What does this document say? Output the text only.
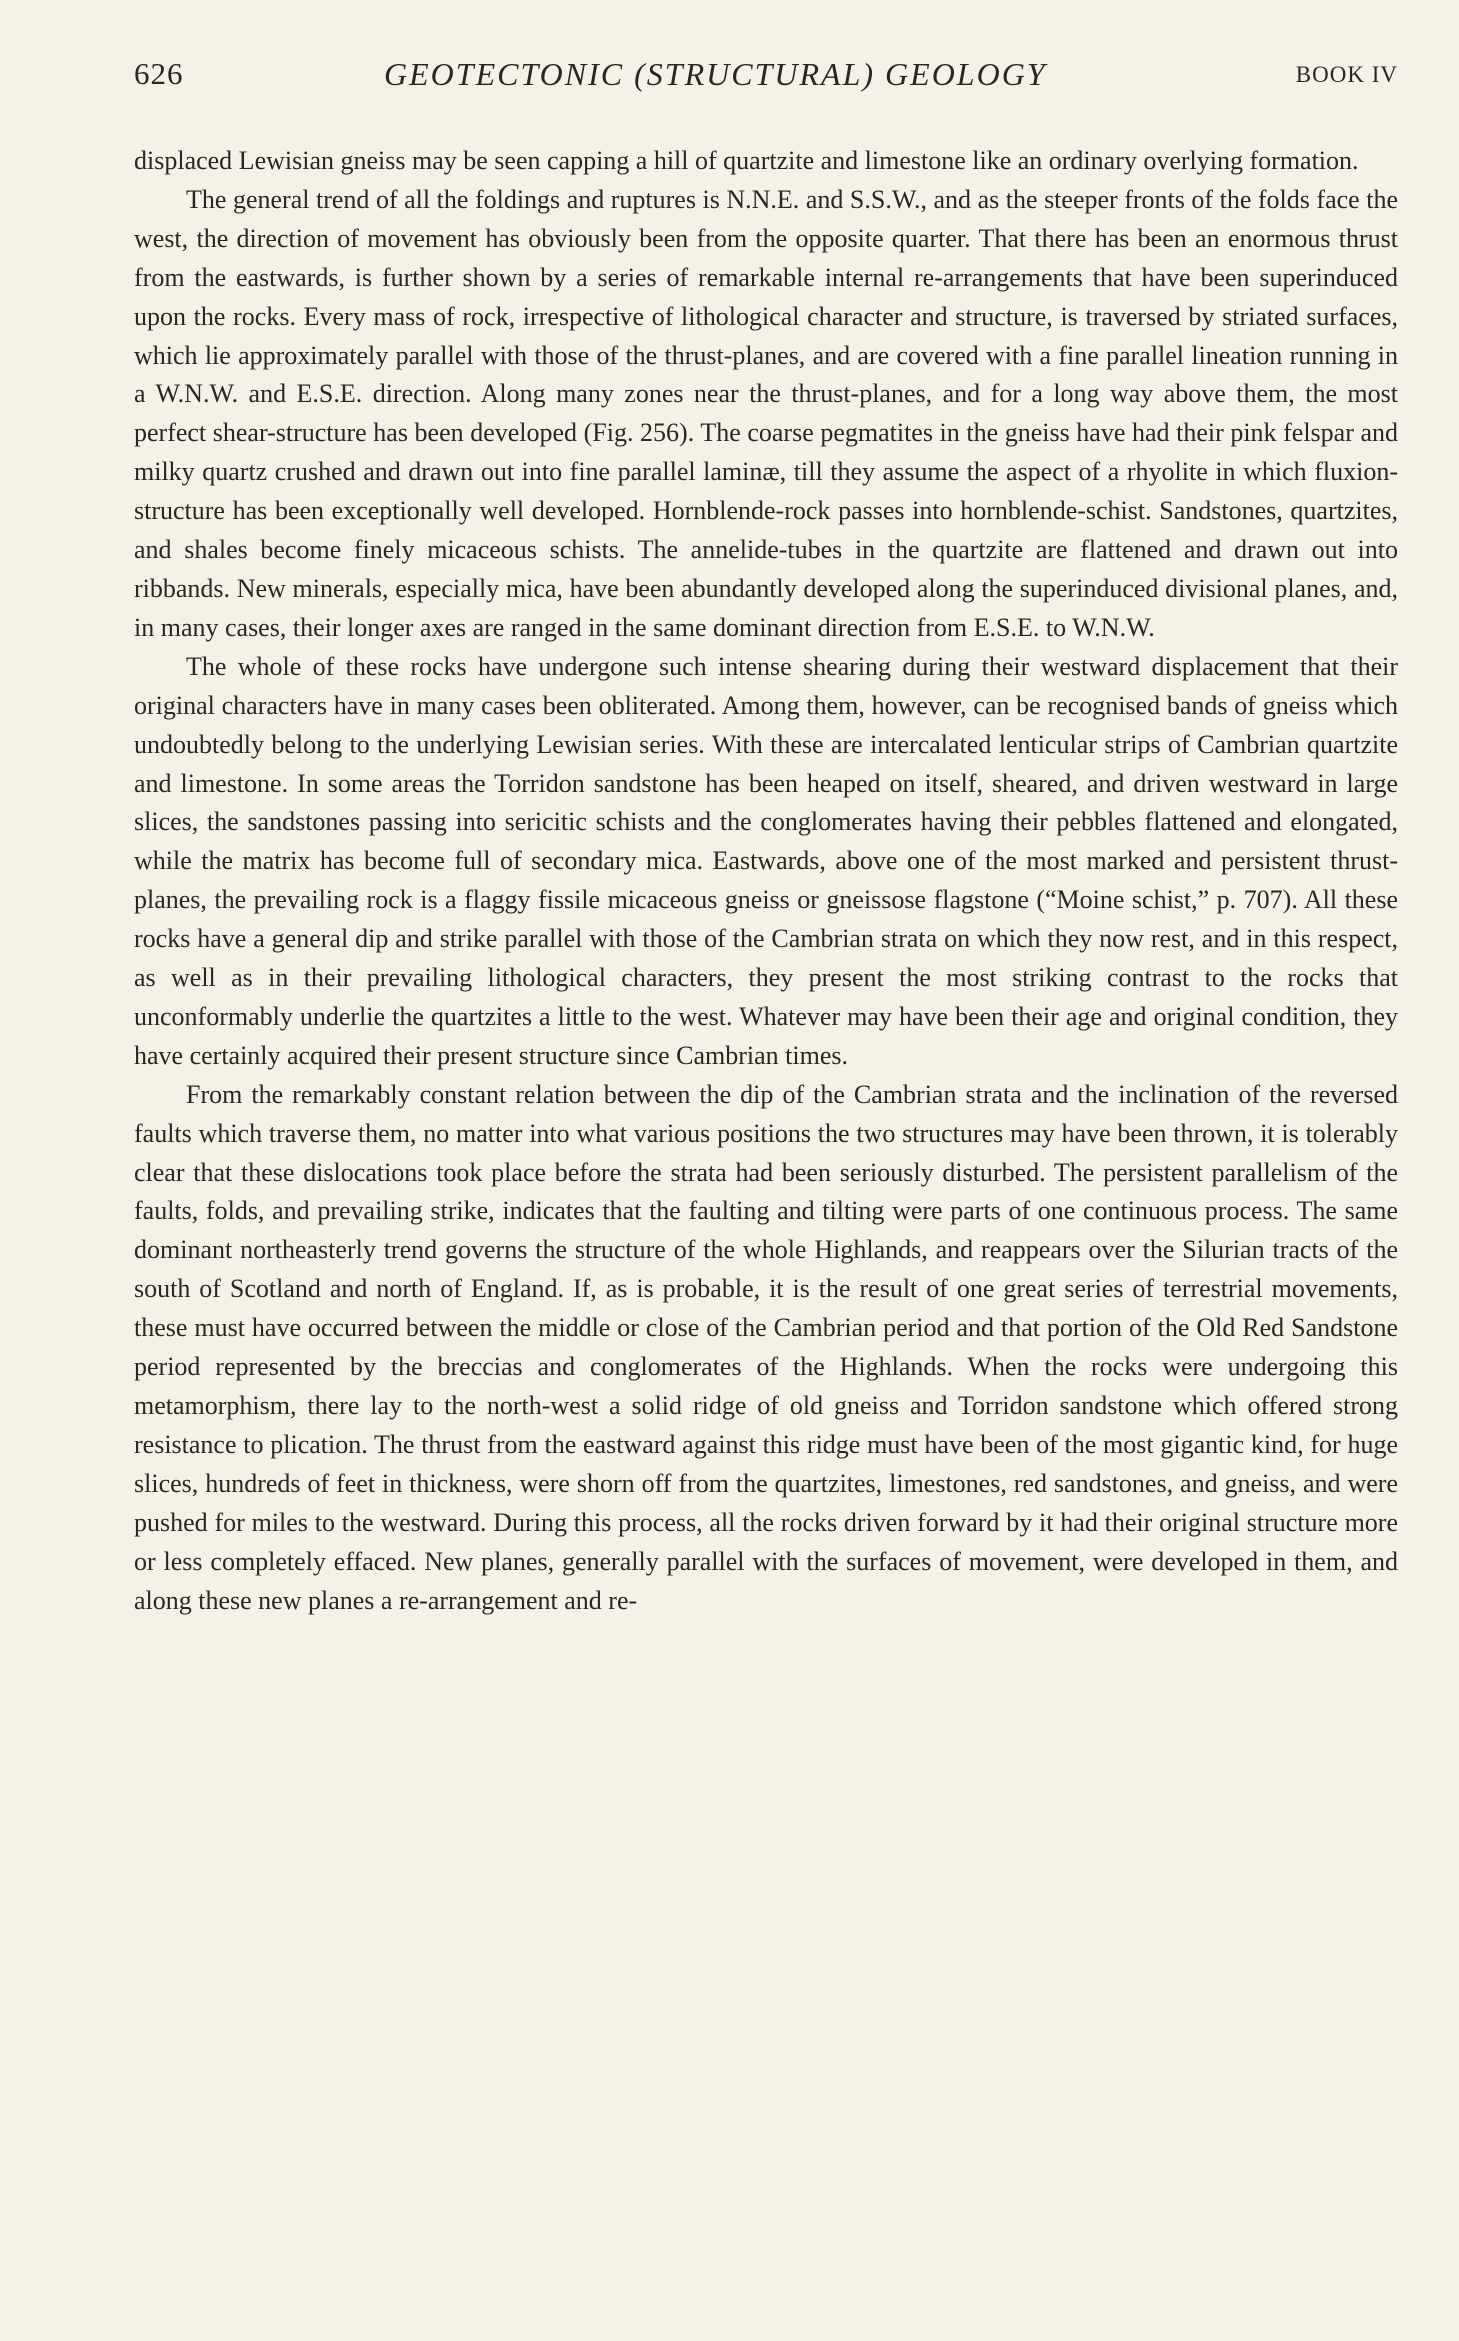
626	GEOTECTONIC (STRUCTURAL) GEOLOGY	BOOK IV

displaced Lewisian gneiss may be seen capping a hill of quartzite and limestone like an ordinary overlying formation.

The general trend of all the foldings and ruptures is N.N.E. and S.S.W., and as the steeper fronts of the folds face the west, the direction of movement has obviously been from the opposite quarter. That there has been an enormous thrust from the eastwards, is further shown by a series of remarkable internal re-arrangements that have been superinduced upon the rocks. Every mass of rock, irrespective of lithological character and structure, is traversed by striated surfaces, which lie approximately parallel with those of the thrust-planes, and are covered with a fine parallel lineation running in a W.N.W. and E.S.E. direction. Along many zones near the thrust-planes, and for a long way above them, the most perfect shear-structure has been developed (Fig. 256). The coarse pegmatites in the gneiss have had their pink felspar and milky quartz crushed and drawn out into fine parallel laminæ, till they assume the aspect of a rhyolite in which fluxion-structure has been exceptionally well developed. Hornblende-rock passes into hornblende-schist. Sandstones, quartzites, and shales become finely micaceous schists. The annelide-tubes in the quartzite are flattened and drawn out into ribbands. New minerals, especially mica, have been abundantly developed along the superinduced divisional planes, and, in many cases, their longer axes are ranged in the same dominant direction from E.S.E. to W.N.W.

The whole of these rocks have undergone such intense shearing during their westward displacement that their original characters have in many cases been obliterated. Among them, however, can be recognised bands of gneiss which undoubtedly belong to the underlying Lewisian series. With these are intercalated lenticular strips of Cambrian quartzite and limestone. In some areas the Torridon sandstone has been heaped on itself, sheared, and driven westward in large slices, the sandstones passing into sericitic schists and the conglomerates having their pebbles flattened and elongated, while the matrix has become full of secondary mica. Eastwards, above one of the most marked and persistent thrust-planes, the prevailing rock is a flaggy fissile micaceous gneiss or gneissose flagstone (“Moine schist,” p. 707). All these rocks have a general dip and strike parallel with those of the Cambrian strata on which they now rest, and in this respect, as well as in their prevailing lithological characters, they present the most striking contrast to the rocks that unconformably underlie the quartzites a little to the west. Whatever may have been their age and original condition, they have certainly acquired their present structure since Cambrian times.

From the remarkably constant relation between the dip of the Cambrian strata and the inclination of the reversed faults which traverse them, no matter into what various positions the two structures may have been thrown, it is tolerably clear that these dislocations took place before the strata had been seriously disturbed. The persistent parallelism of the faults, folds, and prevailing strike, indicates that the faulting and tilting were parts of one continuous process. The same dominant northeasterly trend governs the structure of the whole Highlands, and reappears over the Silurian tracts of the south of Scotland and north of England. If, as is probable, it is the result of one great series of terrestrial movements, these must have occurred between the middle or close of the Cambrian period and that portion of the Old Red Sandstone period represented by the breccias and conglomerates of the Highlands. When the rocks were undergoing this metamorphism, there lay to the north-west a solid ridge of old gneiss and Torridon sandstone which offered strong resistance to plication. The thrust from the eastward against this ridge must have been of the most gigantic kind, for huge slices, hundreds of feet in thickness, were shorn off from the quartzites, limestones, red sandstones, and gneiss, and were pushed for miles to the westward. During this process, all the rocks driven forward by it had their original structure more or less completely effaced. New planes, generally parallel with the surfaces of movement, were developed in them, and along these new planes a re-arrangement and re-
